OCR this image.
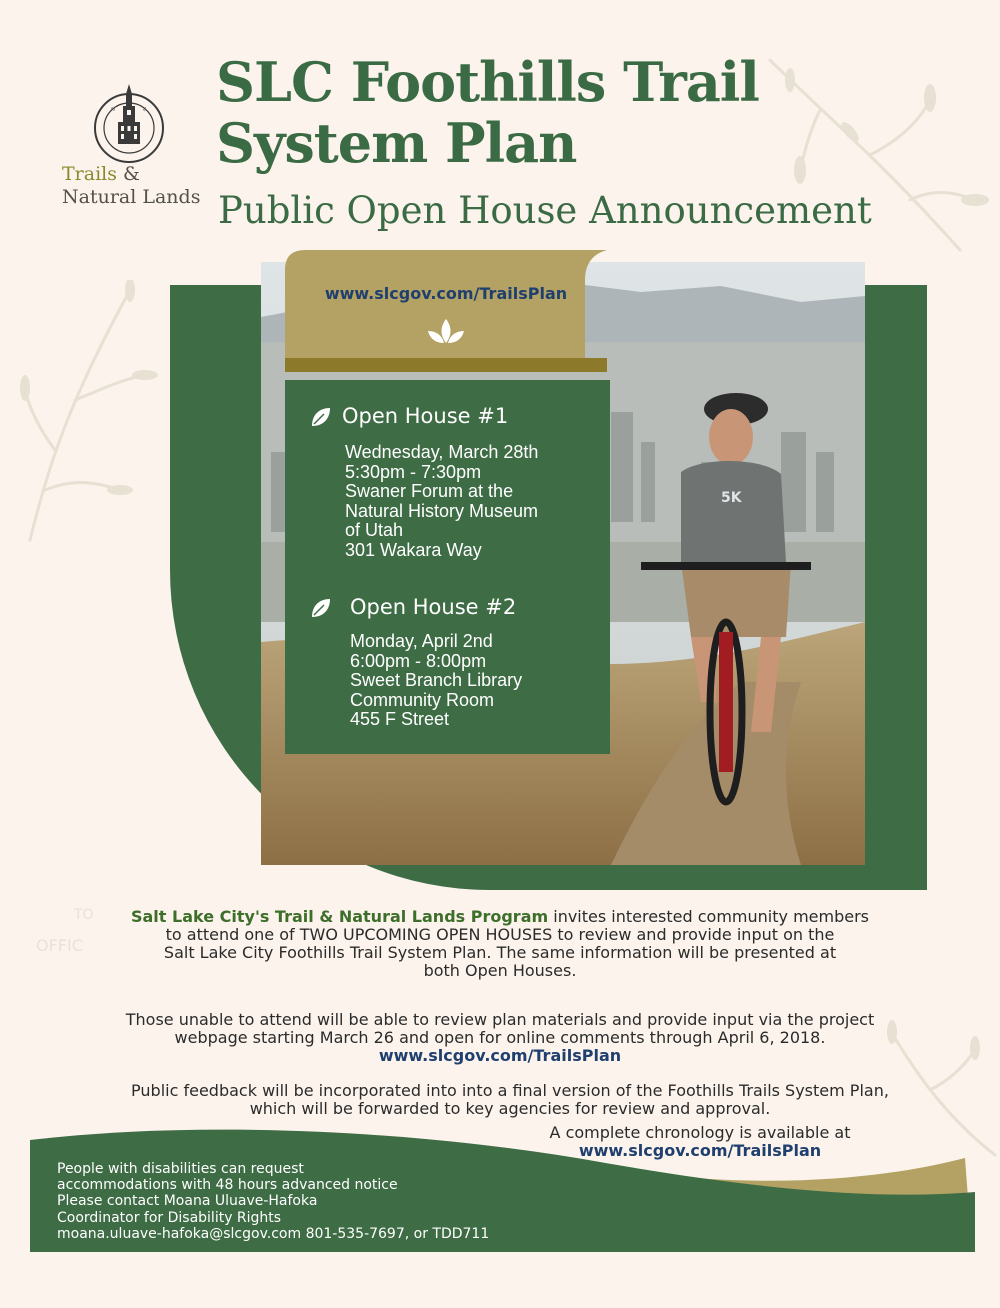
S	L
Trails &
Natural Lands
SLC Foothills Trail
System Plan
Public Open House Announcement
5K
www.slcgov.com/TrailsPlan
Open House #1
Wednesday, March 28th
5:30pm - 7:30pm
Swaner Forum at the
Natural History Museum
of Utah
301 Wakara Way
Open House #2
Monday, April 2nd
6:00pm - 8:00pm
Sweet Branch Library
Community Room
455 F Street
TO
OFFIC
Salt Lake City's Trail & Natural Lands Program invites interested community members
to attend one of TWO UPCOMING OPEN HOUSES to review and provide input on the
Salt Lake City Foothills Trail System Plan. The same information will be presented at
both Open Houses.
Those unable to attend will be able to review plan materials and provide input via the project
webpage starting March 26 and open for online comments through April 6, 2018.
www.slcgov.com/TrailsPlan
Public feedback will be incorporated into into a final version of the Foothills Trails System Plan,
which will be forwarded to key agencies for review and approval.
A complete chronology is available at
www.slcgov.com/TrailsPlan
People with disabilities can request
accommodations with 48 hours advanced notice
Please contact Moana Uluave-Hafoka
Coordinator for Disability Rights
moana.uluave-hafoka@slcgov.com 801-535-7697, or TDD711
